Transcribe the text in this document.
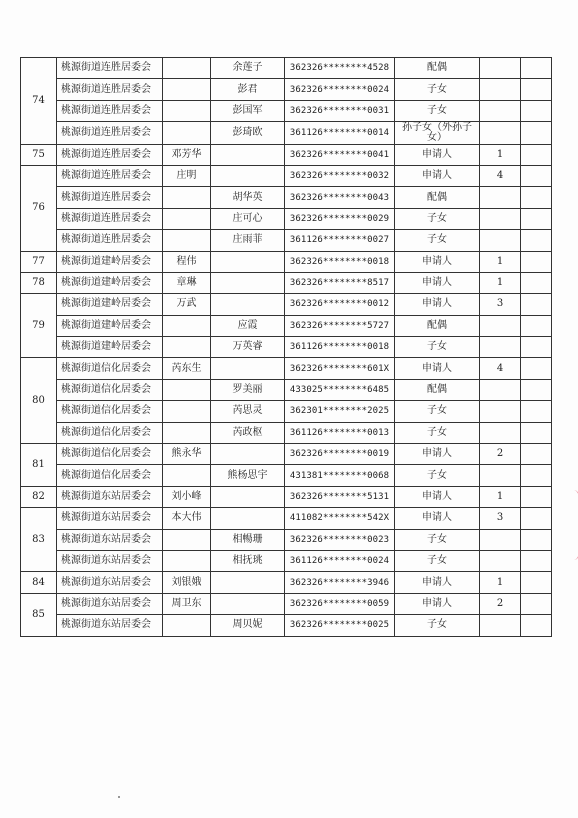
74	桃源街道连胜居委会		余莲子	362326********4528	配偶		
	桃源街道连胜居委会		彭君	362326********0024	子女		
	桃源街道连胜居委会		彭国军	362326********0031	子女		
	桃源街道连胜居委会		彭琦欧	361126********0014	孙子女（外孙子女）		
75	桃源街道连胜居委会	邓芳华		362326********0041	申请人	1	
76	桃源街道连胜居委会	庄明		362326********0032	申请人	4	
	桃源街道连胜居委会		胡华英	362326********0043	配偶		
	桃源街道连胜居委会		庄可心	362326********0029	子女		
	桃源街道连胜居委会		庄雨菲	361126********0027	子女		
77	桃源街道建岭居委会	程伟		362326********0018	申请人	1	
78	桃源街道建岭居委会	章琳		362326********8517	申请人	1	
79	桃源街道建岭居委会	万武		362326********0012	申请人	3	
	桃源街道建岭居委会		应霞	362326********5727	配偶		
	桃源街道建岭居委会		万英睿	361126********0018	子女		
80	桃源街道信化居委会	芮东生		362326********601X	申请人	4	
	桃源街道信化居委会		罗美丽	433025********6485	配偶		
	桃源街道信化居委会		芮思灵	362301********2025	子女		
	桃源街道信化居委会		芮政枢	361126********0013	子女		
81	桃源街道信化居委会	熊永华		362326********0019	申请人	2	
	桃源街道信化居委会		熊杨思宇	431381********0068	子女		
82	桃源街道东站居委会	刘小峰		362326********5131	申请人	1	
83	桃源街道东站居委会	本大伟		411082********542X	申请人	3	
	桃源街道东站居委会		相暢珊	362326********0023	子女		
	桃源街道东站居委会		相抚珧	361126********0024	子女		
84	桃源街道东站居委会	刘银娥		362326********3946	申请人	1	
85	桃源街道东站居委会	周卫东		362326********0059	申请人	2	
	桃源街道东站居委会		周贝妮	362326********0025	子女		
